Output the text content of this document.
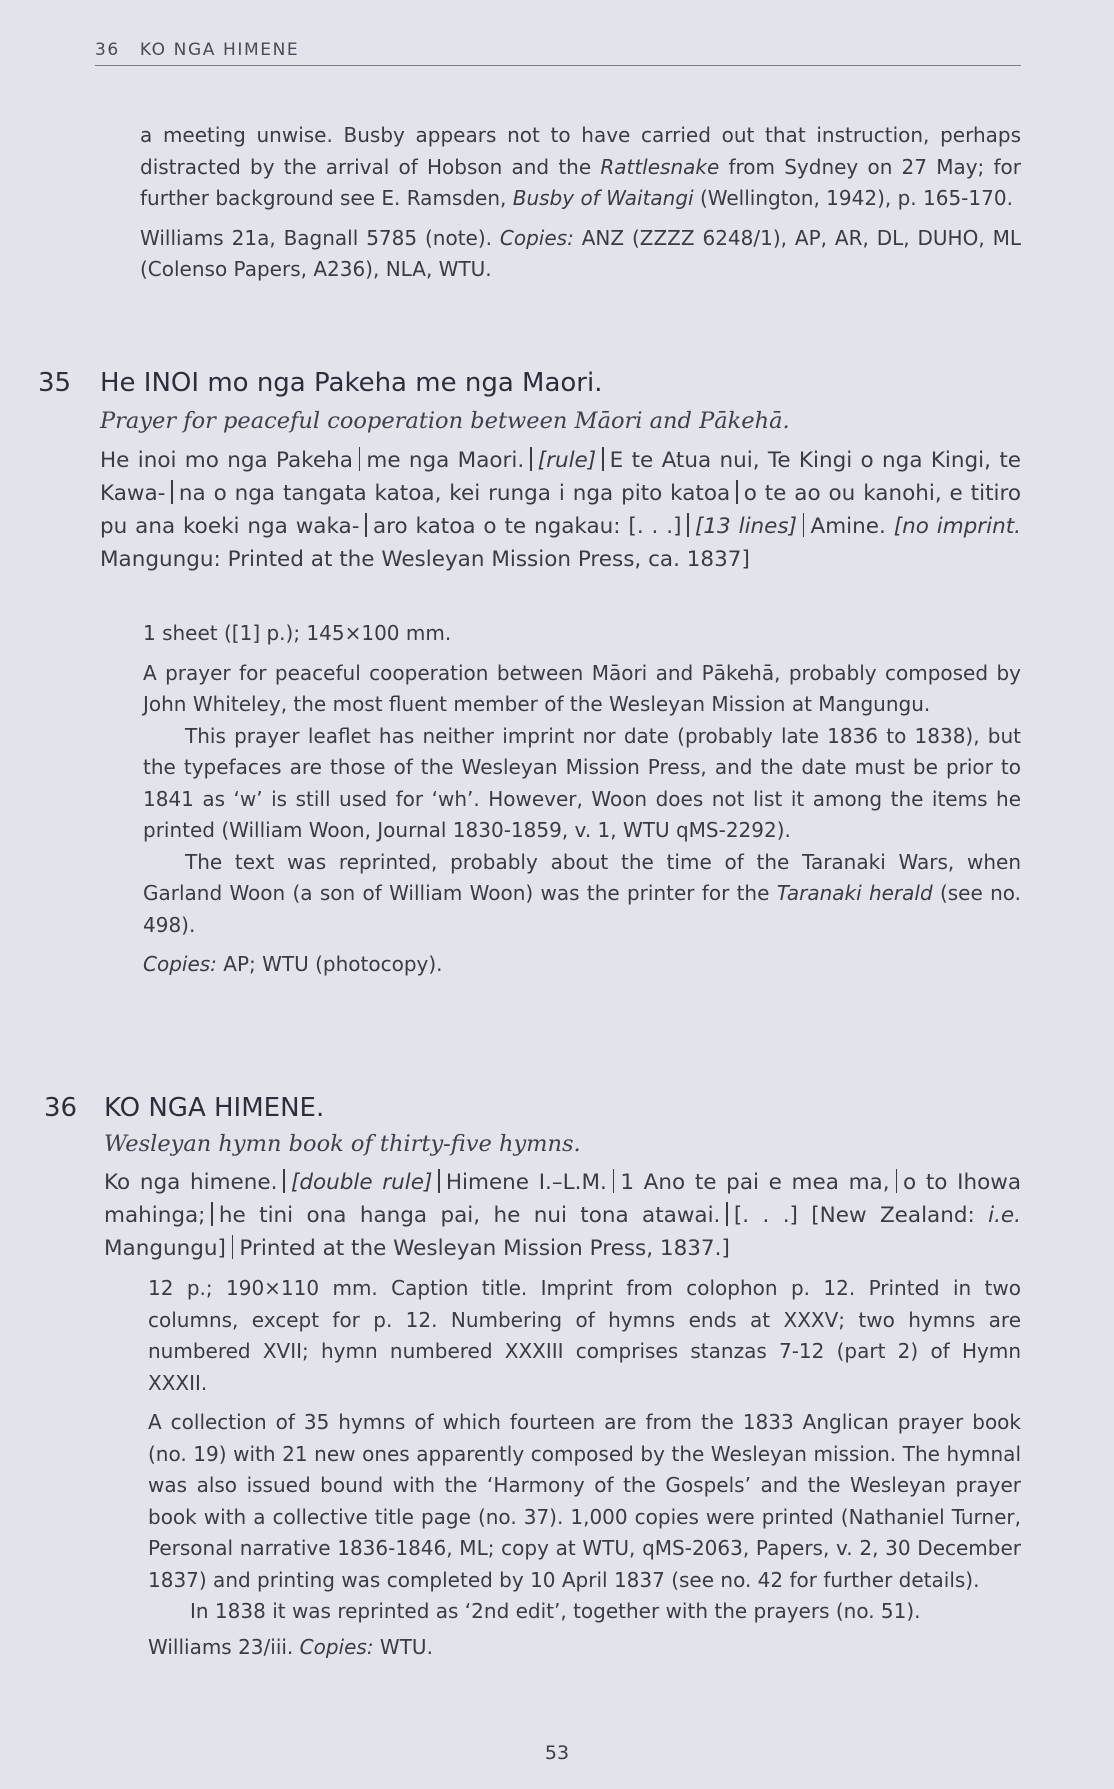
36 KO NGA HIMENE

a meeting unwise. Busby appears not to have carried out that instruction, perhaps distracted by the arrival of Hobson and the Rattlesnake from Sydney on 27 May; for further background see E. Ramsden, Busby of Waitangi (Wellington, 1942), p. 165-170.

Williams 21a, Bagnall 5785 (note). Copies: ANZ (ZZZZ 6248/1), AP, AR, DL, DUHO, ML (Colenso Papers, A236), NLA, WTU.

35 He INOI mo nga Pakeha me nga Maori.
Prayer for peaceful cooperation between Māori and Pākehā.
He inoi mo nga Pakeha me nga Maori. [rule] E te Atua nui, Te Kingi o nga Kingi, te Kawa- na o nga tangata katoa, kei runga i nga pito katoa o te ao ou kanohi, e titiro pu ana koeki nga waka- aro katoa o te ngakau: [. . .] [13 lines] Amine. [no imprint. Mangungu: Printed at the Wesleyan Mission Press, ca. 1837]

1 sheet ([1] p.); 145×100 mm.

A prayer for peaceful cooperation between Māori and Pākehā, probably composed by John Whiteley, the most fluent member of the Wesleyan Mission at Mangungu.

This prayer leaflet has neither imprint nor date (probably late 1836 to 1838), but the typefaces are those of the Wesleyan Mission Press, and the date must be prior to 1841 as ‘w’ is still used for ‘wh’. However, Woon does not list it among the items he printed (William Woon, Journal 1830-1859, v. 1, WTU qMS-2292).

The text was reprinted, probably about the time of the Taranaki Wars, when Garland Woon (a son of William Woon) was the printer for the Taranaki herald (see no. 498).

Copies: AP; WTU (photocopy).

36 KO NGA HIMENE.
Wesleyan hymn book of thirty-five hymns.
Ko nga himene. [double rule] Himene I.–L.M. 1 Ano te pai e mea ma, o to Ihowa mahinga; he tini ona hanga pai, he nui tona atawai. [. . .] [New Zealand: i.e. Mangungu] Printed at the Wesleyan Mission Press, 1837.]

12 p.; 190×110 mm. Caption title. Imprint from colophon p. 12. Printed in two columns, except for p. 12. Numbering of hymns ends at XXXV; two hymns are numbered XVII; hymn numbered XXXIII comprises stanzas 7-12 (part 2) of Hymn XXXII.

A collection of 35 hymns of which fourteen are from the 1833 Anglican prayer book (no. 19) with 21 new ones apparently composed by the Wesleyan mission. The hymnal was also issued bound with the ‘Harmony of the Gospels’ and the Wesleyan prayer book with a collective title page (no. 37). 1,000 copies were printed (Nathaniel Turner, Personal narrative 1836-1846, ML; copy at WTU, qMS-2063, Papers, v. 2, 30 December 1837) and printing was completed by 10 April 1837 (see no. 42 for further details).

In 1838 it was reprinted as ‘2nd edit’, together with the prayers (no. 51).

Williams 23/iii. Copies: WTU.

53
